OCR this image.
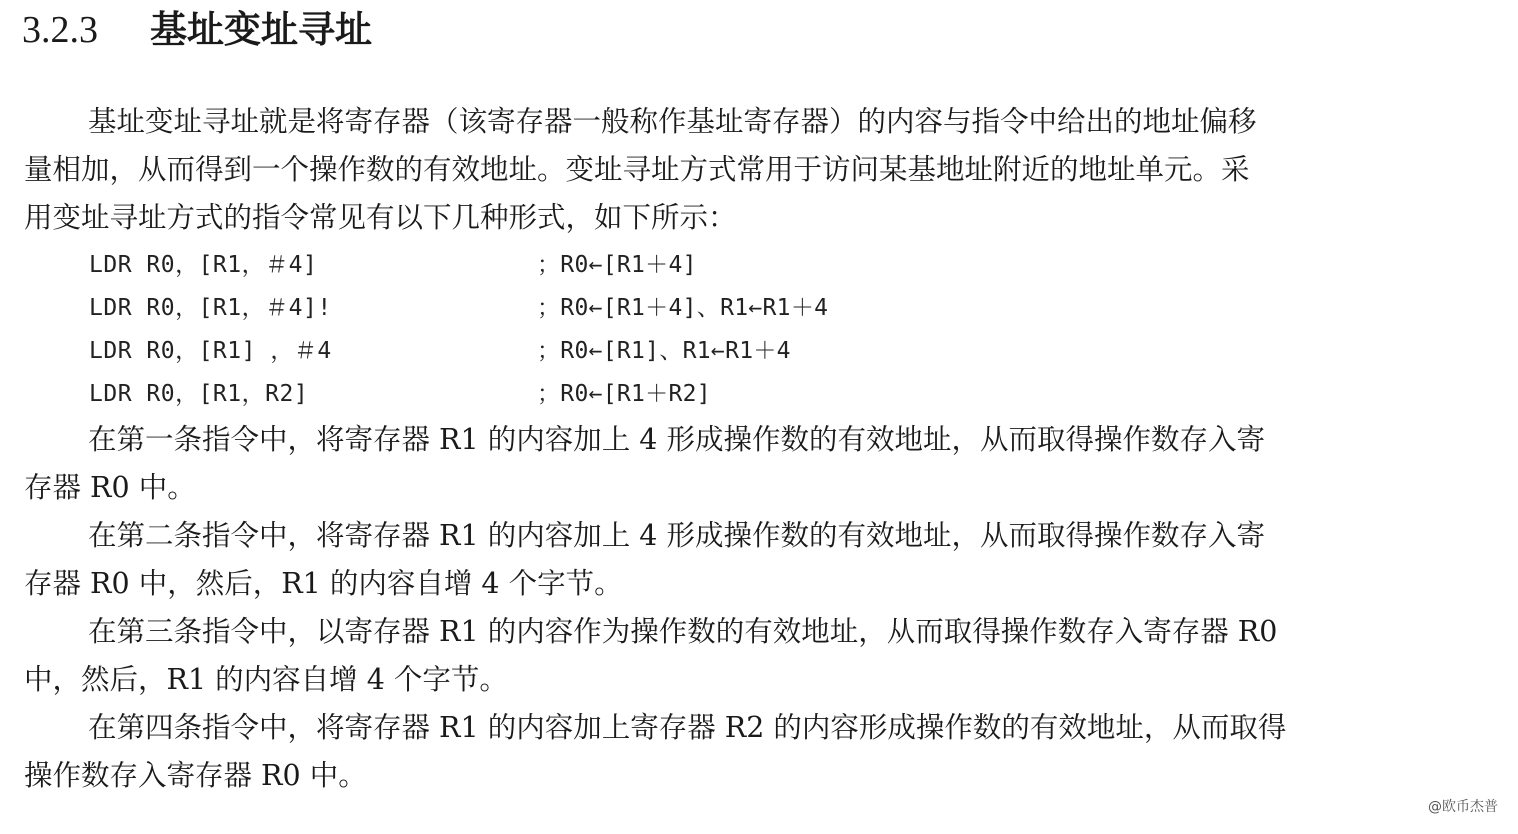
3.2.3	基址变址寻址

基址变址寻址就是将寄存器（该寄存器一般称作基址寄存器）的内容与指令中给出的地址偏移
量相加，从而得到一个操作数的有效地址。变址寻址方式常用于访问某基地址附近的地址单元。采
用变址寻址方式的指令常见有以下几种形式，如下所示：

LDR R0，[R1，＃4]	；R0←[R1＋4]
LDR R0，[R1，＃4]!	；R0←[R1＋4]、R1←R1＋4
LDR R0，[R1] ，＃4	；R0←[R1]、R1←R1＋4
LDR R0，[R1，R2]	；R0←[R1＋R2]

在第一条指令中，将寄存器 R1 的内容加上 4 形成操作数的有效地址，从而取得操作数存入寄
存器 R0 中。

在第二条指令中，将寄存器 R1 的内容加上 4 形成操作数的有效地址，从而取得操作数存入寄
存器 R0 中，然后，R1 的内容自增 4 个字节。

在第三条指令中，以寄存器 R1 的内容作为操作数的有效地址，从而取得操作数存入寄存器 R0
中，然后，R1 的内容自增 4 个字节。

在第四条指令中，将寄存器 R1 的内容加上寄存器 R2 的内容形成操作数的有效地址，从而取得
操作数存入寄存器 R0 中。

@欧币杰普
